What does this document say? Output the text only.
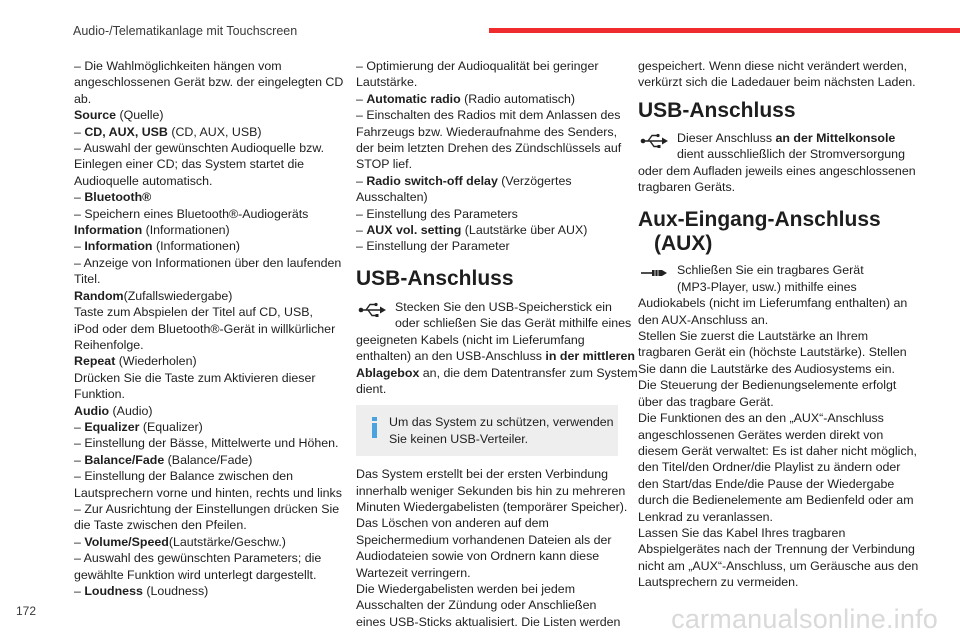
Audio-/Telematikanlage mit Touchscreen
– Die Wahlmöglichkeiten hängen vom
angeschlossenen Gerät bzw. der eingelegten CD
ab.
Source (Quelle)
– CD, AUX, USB (CD, AUX, USB)
– Auswahl der gewünschten Audioquelle bzw.
Einlegen einer CD; das System startet die
Audioquelle automatisch.
– Bluetooth®
– Speichern eines Bluetooth®-Audiogeräts
Information (Informationen)
– Information (Informationen)
– Anzeige von Informationen über den laufenden
Titel.
Random(Zufallswiedergabe)
Taste zum Abspielen der Titel auf CD, USB,
iPod oder dem Bluetooth®-Gerät in willkürlicher
Reihenfolge.
Repeat (Wiederholen)
Drücken Sie die Taste zum Aktivieren dieser
Funktion.
Audio (Audio)
– Equalizer (Equalizer)
– Einstellung der Bässe, Mittelwerte und Höhen.
– Balance/Fade (Balance/Fade)
– Einstellung der Balance zwischen den
Lautsprechern vorne und hinten, rechts und links
– Zur Ausrichtung der Einstellungen drücken Sie
die Taste zwischen den Pfeilen.
– Volume/Speed(Lautstärke/Geschw.)
– Auswahl des gewünschten Parameters; die
gewählte Funktion wird unterlegt dargestellt.
– Loudness (Loudness)
– Optimierung der Audioqualität bei geringer
Lautstärke.
– Automatic radio (Radio automatisch)
– Einschalten des Radios mit dem Anlassen des
Fahrzeugs bzw. Wiederaufnahme des Senders,
der beim letzten Drehen des Zündschlüssels auf
STOP lief.
– Radio switch-off delay (Verzögertes
Ausschalten)
– Einstellung des Parameters
– AUX vol. setting (Lautstärke über AUX)
– Einstellung der Parameter
USB-Anschluss
Stecken Sie den USB-Speicherstick ein
oder schließen Sie das Gerät mithilfe eines
geeigneten Kabels (nicht im Lieferumfang
enthalten) an den USB-Anschluss in der mittleren
Ablagebox an, die dem Datentransfer zum System
dient.
Um das System zu schützen, verwenden
Sie keinen USB-Verteiler.
Das System erstellt bei der ersten Verbindung
innerhalb weniger Sekunden bis hin zu mehreren
Minuten Wiedergabelisten (temporärer Speicher).
Das Löschen von anderen auf dem
Speichermedium vorhandenen Dateien als der
Audiodateien sowie von Ordnern kann diese
Wartezeit verringern.
Die Wiedergabelisten werden bei jedem
Ausschalten der Zündung oder Anschließen
eines USB-Sticks aktualisiert. Die Listen werden
gespeichert. Wenn diese nicht verändert werden,
verkürzt sich die Ladedauer beim nächsten Laden.
USB-Anschluss
Dieser Anschluss an der Mittelkonsole
dient ausschließlich der Stromversorgung
oder dem Aufladen jeweils eines angeschlossenen
tragbaren Geräts.
Aux-Eingang-Anschluss
(AUX)
Schließen Sie ein tragbares Gerät
(MP3-Player, usw.) mithilfe eines
Audiokabels (nicht im Lieferumfang enthalten) an
den AUX-Anschluss an.
Stellen Sie zuerst die Lautstärke an Ihrem
tragbaren Gerät ein (höchste Lautstärke). Stellen
Sie dann die Lautstärke des Audiosystems ein.
Die Steuerung der Bedienungselemente erfolgt
über das tragbare Gerät.
Die Funktionen des an den „AUX“-Anschluss
angeschlossenen Gerätes werden direkt von
diesem Gerät verwaltet: Es ist daher nicht möglich,
den Titel/den Ordner/die Playlist zu ändern oder
den Start/das Ende/die Pause der Wiedergabe
durch die Bedienelemente am Bedienfeld oder am
Lenkrad zu veranlassen.
Lassen Sie das Kabel Ihres tragbaren
Abspielgerätes nach der Trennung der Verbindung
nicht am „AUX“-Anschluss, um Geräusche aus den
Lautsprechern zu vermeiden.
172	carmanualsonline.info
